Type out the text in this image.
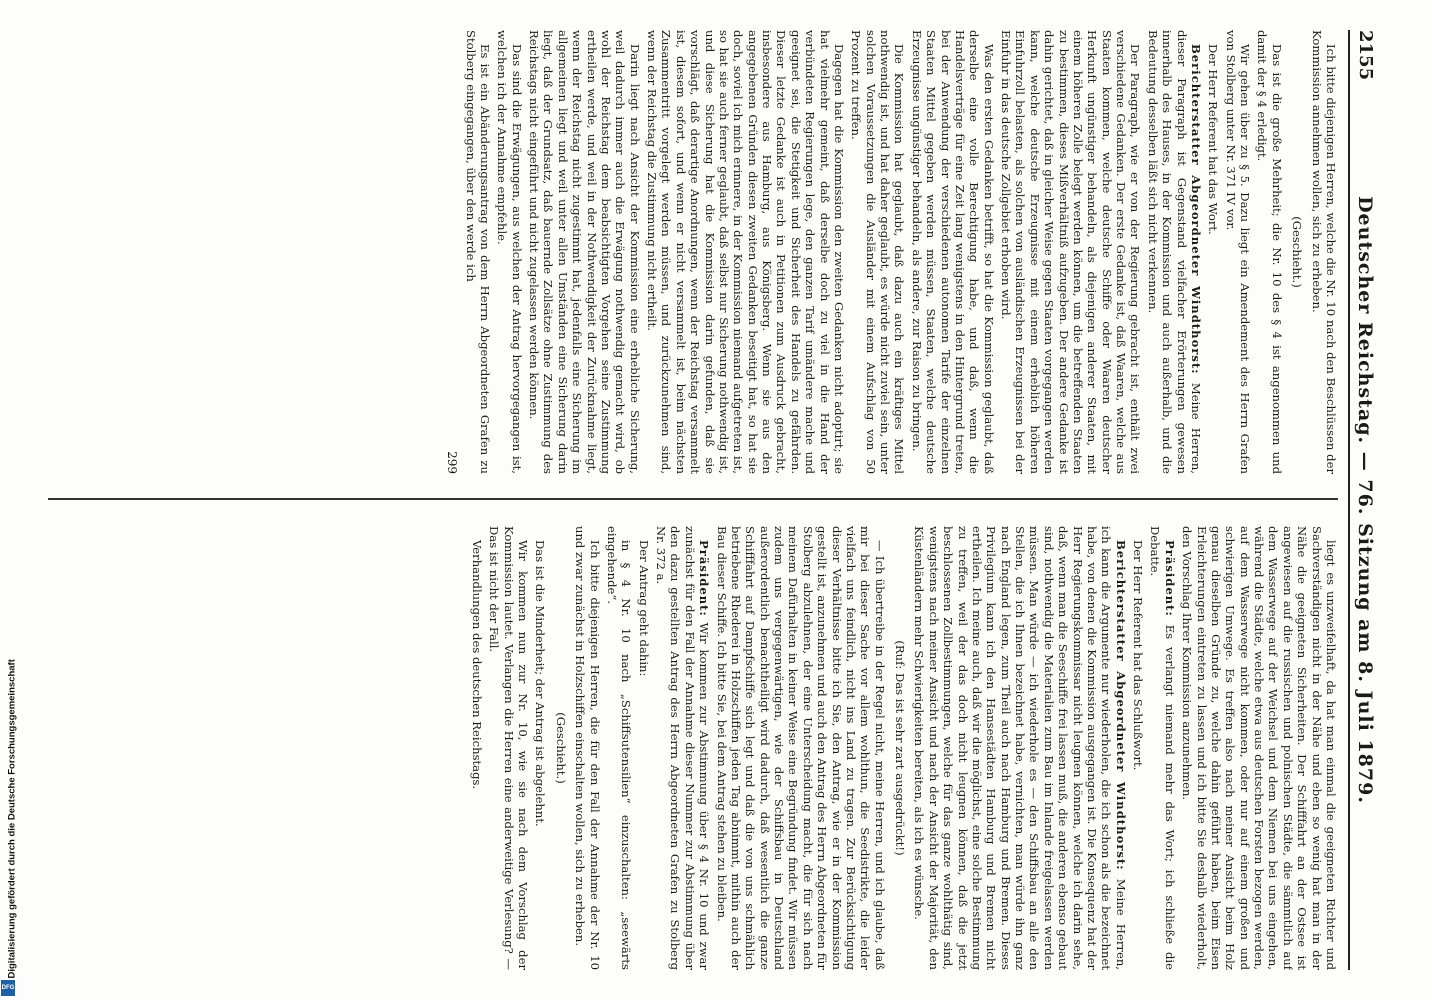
2155
Deutscher Reichstag. — 76. Sitzung am 8. Juli 1879.

Ich bitte diejenigen Herren, welche die Nr. 10 nach den Beschlüssen der Kommission annehmen wollen, sich zu erheben.

(Geschieht.)

Das ist die große Mehrheit; die Nr. 10 des § 4 ist angenommen und damit der § 4 erledigt.

Wir gehen über zu § 5. Dazu liegt ein Amendement des Herrn Grafen von Stolberg unter Nr. 371 IV vor.

Der Herr Referent hat das Wort.

Berichterstatter Abgeordneter Windthorst: Meine Herren, dieser Paragraph ist Gegenstand vielfacher Erörterungen gewesen innerhalb des Hauses, in der Kommission und auch außerhalb, und die Bedeutung desselben läßt sich nicht verkennen.

Der Paragraph, wie er von der Regierung gebracht ist, enthält zwei verschiedene Gedanken. Der erste Gedanke ist, daß Waaren, welche aus Staaten kommen, welche deutsche Schiffe oder Waaren deutscher Herkunft ungünstiger behandeln, als diejenigen anderer Staaten, mit einem höheren Zolle belegt werden können, um die betreffenden Staaten zu bestimmen, dieses Mißverhältniß aufzugeben. Der andere Gedanke ist dahin gerichtet, daß in gleicher Weise gegen Staaten vorgegangen werden kann, welche deutsche Erzeugnisse mit einem erheblich höheren Einfuhrzoll belasten, als solchen von ausländischen Erzeugnissen bei der Einfuhr in das deutsche Zollgebiet erhoben wird.

Was den ersten Gedanken betrifft, so hat die Kommission geglaubt, daß derselbe eine volle Berechtigung habe, und daß, wenn die Handelsverträge für eine Zeit lang wenigstens in den Hintergrund treten, bei der Anwendung der verschiedenen autonomen Tarife der einzelnen Staaten Mittel gegeben werden müssen, Staaten, welche deutsche Erzeugnisse ungünstiger behandeln, als andere, zur Raison zu bringen.

Die Kommission hat geglaubt, daß dazu auch ein kräftiges Mittel nothwendig ist, und hat daher geglaubt, es würde nicht zuviel sein, unter solchen Voraussetzungen die Ausländer mit einem Aufschlag von 50 Prozent zu treffen.

Dagegen hat die Kommission den zweiten Gedanken nicht adoptirt; sie hat vielmehr gemeint, daß derselbe doch zu viel in die Hand der verbündeten Regierungen lege, den ganzen Tarif umändere mache und geeignet sei, die Stetigkeit und Sicherheit des Handels zu gefährden. Dieser letzte Gedanke ist auch in Petitionen zum Ausdruck gebracht, insbesondere aus Hamburg, aus Königsberg. Wenn sie aus den angegebenen Gründen diesen zweiten Gedanken beseitigt hat, so hat sie doch, soviel ich mich erinnere, in der Kommission niemand aufgetreten ist, so hat sie auch ferner geglaubt, daß selbst nur Sicherung nothwendig ist, und diese Sicherung hat die Kommission darin gefunden, daß sie vorschlägt, daß derartige Anordnungen, wenn der Reichstag versammelt ist, diesem sofort, und wenn er nicht versammelt ist, beim nächsten Zusammentritt vorgelegt werden müssen, und zurückzunehmen sind, wenn der Reichstag die Zustimmung nicht ertheilt.

Darin liegt nach Ansicht der Kommission eine erhebliche Sicherung, weil dadurch immer auch die Erwägung nothwendig gemacht wird, ob wohl der Reichstag dem beabsichtigten Vorgehen seine Zustimmung ertheilen werde, und weil in der Nothwendigkeit der Zurücknahme liegt, wenn der Reichstag nicht zugestimmt hat, jedenfalls eine Sicherung im allgemeinen liegt und weil unter allen Umständen eine Sicherung darin liegt, daß der Grundsatz, daß bauernde Zollsätze ohne Zustimmung des Reichstags nicht eingeführt und nicht zugelassen werden können.

Das sind die Erwägungen, aus welchen der Antrag hervorgegangen ist, welchen ich der Annahme empfehle.

Es ist ein Abänderungsantrag von dem Herrn Abgeordneten Grafen zu Stolberg eingegangen, über den werde ich

299

liegt es unzweifelhaft, da hat man einmal die geeigneten Richter und Sachverständigen nicht in der Nähe und eben so wenig hat man in der Nähe die geeigneten Sicherheiten. Der Schifffahrt an der Ostsee ist angewiesen auf die russischen und polnischen Städte, die sämmtlich auf dem Wasserwege auf der Weichsel und dem Niemen bei uns eingehen, während die Städte, welche etwa aus deutschen Forsten bezogen werden, auf dem Wasserwege nicht kommen, oder nur auf einem großen und schwierigen Umwege. Es treffen also nach meiner Ansicht beim Holz genau dieselben Gründe zu, welche dahin geführt haben, beim Eisen Erleichterungen eintreten zu lassen und ich bitte Sie deshalb wiederholt, den Vorschlag Ihrer Kommission anzunehmen.

Präsident: Es verlangt niemand mehr das Wort; ich schließe die Debatte.

Der Herr Referent hat das Schlußwort.

Berichterstatter Abgeordneter Windthorst: Meine Herren, ich kann die Argumente nur wiederholen, die ich schon als die bezeichnet habe, von denen die Kommission ausgegangen ist. Die Konsequenz hat der Herr Regierungskommissar nicht leugnen können, welche ich darin sehe, daß, wenn man die Seeschiffe frei lassen muß, die anderen ebenso gebaut sind, nothwendig die Materialien zum Bau im Inlande freigelassen werden müssen. Man würde — ich wiederhole es — den Schiffsbau an alle den Stellen, die ich Ihnen bezeichnet habe, vernichten, man würde ihn ganz nach England legen, zum Theil auch nach Hamburg und Bremen. Dieses Privilegium kann ich den Hansestädten Hamburg und Bremen nicht ertheilen. Ich meine auch, daß wir die möglichst, eine solche Bestimmung zu treffen, weil der das doch nicht leugnen können, daß die jetzt beschlossenen Zollbestimmungen, welche für das ganze wohlthätig sind, wenigstens nach meiner Ansicht und nach der Ansicht der Majorität, den Küstenländern mehr Schwierigkeiten bereiten, als ich es wünsche.

(Ruf: Das ist sehr zart ausgedrückt!)

— Ich übertreibe in der Regel nicht, meine Herren, und ich glaube, daß mir bei dieser Sache vor allem wohlthun, die Seedistrikte, die leider vielfach uns feindlich, nicht ins Land zu tragen. Zur Berücksichtigung dieser Verhältnisse bitte ich Sie, den Antrag, wie er in der Kommission gestellt ist, anzunehmen und auch den Antrag des Herrn Abgeordneten für Stolberg abzulehnen, der eine Unterscheidung macht, die für sich nach meinem Dafürhalten in keiner Weise eine Begründung findet. Wir müssen zudem uns vergegenwärtigen, wie der Schiffsbau in Deutschland außerordentlich benachtheiligt wird dadurch, daß wesentlich die ganze Schifffahrt auf Dampfschiffe sich legt und daß die von uns schmählich betriebene Rhederei in Holzschiffen jeden Tag abnimmt, mithin auch der Bau dieser Schiffe. Ich bitte Sie, bei dem Antrag stehen zu bleiben.

Präsident: Wir kommen zur Abstimmung über § 4 Nr. 10 und zwar zunächst für den Fall der Annahme dieser Nummer zur Abstimmung über den dazu gestellten Antrag des Herrn Abgeordneten Grafen zu Stolberg Nr. 372 a.

Der Antrag geht dahin:

in § 4 Nr. 10 nach „Schiffsutensilien“ einzuschalten: „seewärts eingehende“.

Ich bitte diejenigen Herren, die für den Fall der Annahme der Nr. 10 und zwar zunächst in Holzschiffen einschalten wollen, sich zu erheben.

(Geschieht.)

Das ist die Minderheit; der Antrag ist abgelehnt.

Wir kommen nun zur Nr. 10, wie sie nach dem Vorschlag der Kommission lautet. Verlangen die Herren eine anderweitige Verlesung? — Das ist nicht der Fall.

Verhandlungen des deutschen Reichstags.

Digitalisierung gefördert durch die Deutsche Forschungsgemeinschaft
DFG
